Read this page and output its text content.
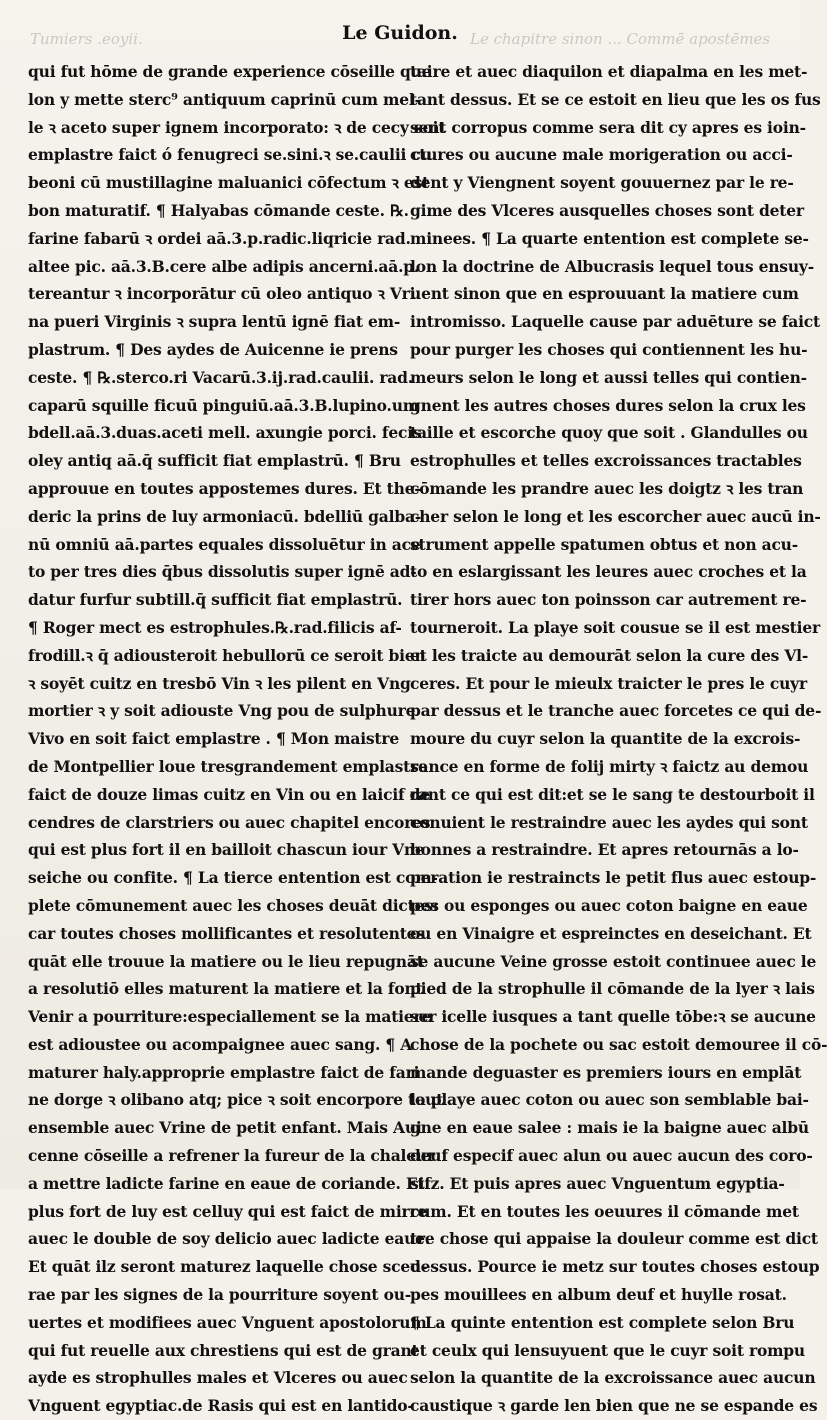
Tumiers .eoyii.	Le chapitre sinon ... Commē apostēmes
Le Guidon.
qui fut hōme de grande experience cōseille que
lon y mette sterc⁹ antiquum caprinū cum mel-
le ꝛ aceto super ignem incorporato: ꝛ de cecy soit
emplastre faict ó fenugreci se.sini.ꝛ se.caulii cu
beoni cū mustillagine maluanici cōfectum ꝛ est
bon maturatif. ¶ Halyabas cōmande ceste. ℞.
farine fabarū ꝛ ordei aā.3.p.radic.liqricie rad.
altee pic. aā.3.B.cere albe adipis ancerni.aā.p.
tereantur ꝛ incorporātur cū oleo antiquo ꝛ Vri
na pueri Virginis ꝛ supra lentū ignē fiat em-
plastrum. ¶ Des aydes de Auicenne ie prens
ceste. ¶ ℞.sterco.ri Vacarū.3.ij.rad.caulii. rad.
caparū squille ficuū pinguiū.aā.3.B.lupino.um
bdell.aā.3.duas.aceti mell. axungie porci. fecis
oley antiq aā.q̄ sufficit fiat emplastrū. ¶ Bru
approuue en toutes appostemes dures. Et the-
deric la prins de luy armoniacū. bdelliū galba-
nū omniū aā.partes equales dissoluētur in ace
to per tres dies q̄bus dissolutis super ignē ad-
datur furfur subtill.q̄ sufficit fiat emplastrū.
¶ Roger mect es estrophules.℞.rad.filicis af-
frodill.ꝛ q̄ adiousteroit hebullorū ce seroit bien
ꝛ soyēt cuitz en tresbō Vin ꝛ les pilent en Vng
mortier ꝛ y soit adiouste Vng pou de sulphure
Vivo en soit faict emplastre . ¶ Mon maistre
de Montpellier loue tresgrandement emplastre
faict de douze limas cuitz en Vin ou en laicif de
cendres de clarstriers ou auec chapitel encores
qui est plus fort il en bailloit chascun iour Vne
seiche ou confite. ¶ La tierce entention est com-
plete cōmunement auec les choses deuāt dictes:
car toutes choses mollificantes et resolutentes
quāt elle trouue la matiere ou le lieu repugnāt
a resolutiō elles maturent la matiere et la font
Venir a pourriture:especiallement se la matiere
est adioustee ou acompaignee auec sang. ¶ A
maturer haly.approprie emplastre faict de fari
ne dorge ꝛ olibano atq; pice ꝛ soit encorpore tout
ensemble auec Vrine de petit enfant. Mais Aui
cenne cōseille a refrener la fureur de la chaleur
a mettre ladicte farine en eaue de coriande. Et
plus fort de luy est celluy qui est faict de mirre
auec le double de soy delicio auec ladicte eaue.
Et quāt ilz seront maturez laquelle chose sceu-
rae par les signes de la pourriture soyent ou-
uertes et modifiees auec Vnguent apostolorum
qui fut reuelle aux chrestiens qui est de grant
ayde es strophulles males et Vlceres ou auec
Vnguent egyptiac.de Rasis qui est en lantido-
taire et auec diaquilon et diapalma en les met-
tant dessus. Et se ce estoit en lieu que les os fus
sent corropus comme sera dit cy apres es ioin-
ctures ou aucune male morigeration ou acci-
dent y Viengnent soyent gouuernez par le re-
gime des Vlceres ausquelles choses sont deter
minees. ¶ La quarte entention est complete se-
lon la doctrine de Albucrasis lequel tous ensuy-
uent sinon que en esprouuant la matiere cum
intromisso. Laquelle cause par aduēture se faict
pour purger les choses qui contiennent les hu-
meurs selon le long et aussi telles qui contien-
gnent les autres choses dures selon la crux les
taille et escorche quoy que soit . Glandulles ou
estrophulles et telles excroissances tractables
cōmande les prandre auec les doigtz ꝛ les tran
cher selon le long et les escorcher auec aucū in-
strument appelle spatumen obtus et non acu-
to en eslargissant les leures auec croches et la
tirer hors auec ton poinsson car autrement re-
tourneroit. La playe soit cousue se il est mestier
et les traicte au demourāt selon la cure des Vl-
ceres. Et pour le mieulx traicter le pres le cuyr
par dessus et le tranche auec forcetes ce qui de-
moure du cuyr selon la quantite de la excrois-
sance en forme de folij mirty ꝛ faictz au demou
rant ce qui est dit:et se le sang te destourboit il
conuient le restraindre auec les aydes qui sont
bonnes a restraindre. Et apres retournās a lo-
peration ie restraincts le petit flus auec estoup-
pes ou esponges ou auec coton baigne en eaue
ou en Vinaigre et espreinctes en deseichant. Et
se aucune Veine grosse estoit continuee auec le
pied de la strophulle il cōmande de la lyer ꝛ lais
ser icelle iusques a tant quelle tōbe:ꝛ se aucune
chose de la pochete ou sac estoit demouree il cō-
mande deguaster es premiers iours en emplāt
la playe auec coton ou auec son semblable bai-
gne en eaue salee : mais ie la baigne auec albū
deuf especif auec alun ou auec aucun des coro-
sifz. Et puis apres auec Vnguentum egyptia-
cum. Et en toutes les oeuures il cōmande met
tre chose qui appaise la douleur comme est dict
dessus. Pource ie metz sur toutes choses estoup
pes mouillees en album deuf et huylle rosat.
¶ La quinte entention est complete selon Bru
et ceulx qui lensuyuent que le cuyr soit rompu
selon la quantite de la excroissance auec aucun
caustique ꝛ garde len bien que ne se espande es
